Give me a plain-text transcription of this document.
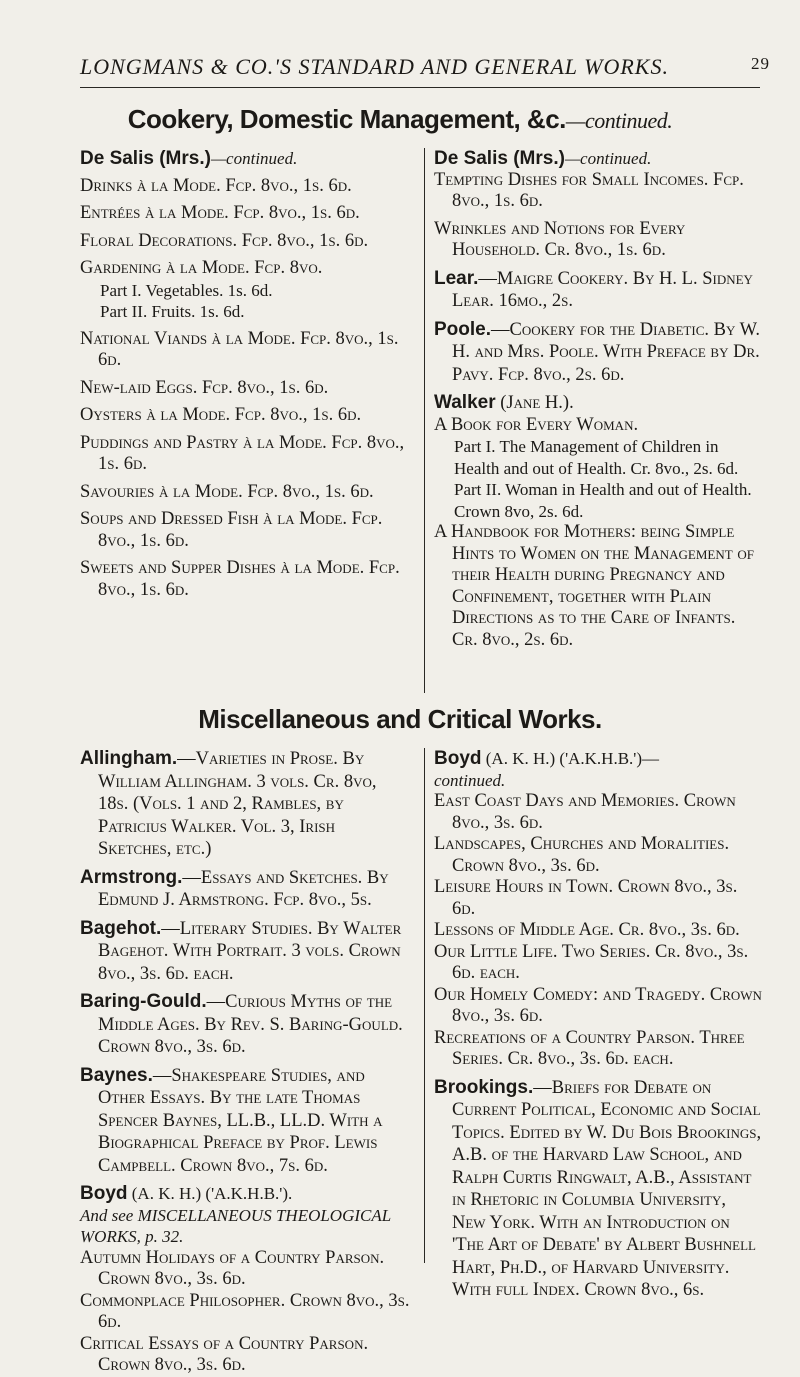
LONGMANS & CO.'S STANDARD AND GENERAL WORKS.	29
Cookery, Domestic Management, &c.—continued.
De Salis (Mrs.)—continued.
Drinks à la Mode. Fcp. 8vo., 1s. 6d.
Entrées à la Mode. Fcp. 8vo., 1s. 6d.
Floral Decorations. Fcp. 8vo., 1s. 6d.
Gardening à la Mode. Fcp. 8vo.
Part I. Vegetables. 1s. 6d.
Part II. Fruits. 1s. 6d.
National Viands à la Mode. Fcp. 8vo., 1s. 6d.
New-laid Eggs. Fcp. 8vo., 1s. 6d.
Oysters à la Mode. Fcp. 8vo., 1s. 6d.
Puddings and Pastry à la Mode. Fcp. 8vo., 1s. 6d.
Savouries à la Mode. Fcp. 8vo., 1s. 6d.
Soups and Dressed Fish à la Mode. Fcp. 8vo., 1s. 6d.
Sweets and Supper Dishes à la Mode. Fcp. 8vo., 1s. 6d.
De Salis (Mrs.)—continued.
Tempting Dishes for Small Incomes. Fcp. 8vo., 1s. 6d.
Wrinkles and Notions for Every Household. Cr. 8vo., 1s. 6d.
Lear.—Maigre Cookery. By H. L. Sidney Lear. 16mo., 2s.
Poole.—Cookery for the Diabetic. By W. H. and Mrs. Poole. With Preface by Dr. Pavy. Fcp. 8vo., 2s. 6d.
Walker (Jane H.).
A Book for Every Woman.
Part I. The Management of Children in Health and out of Health. Cr. 8vo., 2s. 6d.
Part II. Woman in Health and out of Health. Crown 8vo, 2s. 6d.
A Handbook for Mothers: being Simple Hints to Women on the Management of their Health during Pregnancy and Confinement, together with Plain Directions as to the Care of Infants. Cr. 8vo., 2s. 6d.
Miscellaneous and Critical Works.
Allingham.—Varieties in Prose. By William Allingham. 3 vols. Cr. 8vo, 18s. (Vols. 1 and 2, Rambles, by Patricius Walker. Vol. 3, Irish Sketches, etc.)
Armstrong.—Essays and Sketches. By Edmund J. Armstrong. Fcp. 8vo., 5s.
Bagehot.—Literary Studies. By Walter Bagehot. With Portrait. 3 vols. Crown 8vo., 3s. 6d. each.
Baring-Gould.—Curious Myths of the Middle Ages. By Rev. S. Baring-Gould. Crown 8vo., 3s. 6d.
Baynes.—Shakespeare Studies, and Other Essays. By the late Thomas Spencer Baynes, LL.B., LL.D. With a Biographical Preface by Prof. Lewis Campbell. Crown 8vo., 7s. 6d.
Boyd (A. K. H.) ('A.K.H.B.').
And see MISCELLANEOUS THEOLOGICAL WORKS, p. 32.
Autumn Holidays of a Country Parson. Crown 8vo., 3s. 6d.
Commonplace Philosopher. Crown 8vo., 3s. 6d.
Critical Essays of a Country Parson. Crown 8vo., 3s. 6d.
Boyd (A. K. H.) ('A.K.H.B.')—
continued.
East Coast Days and Memories. Crown 8vo., 3s. 6d.
Landscapes, Churches and Moralities. Crown 8vo., 3s. 6d.
Leisure Hours in Town. Crown 8vo., 3s. 6d.
Lessons of Middle Age. Cr. 8vo., 3s. 6d.
Our Little Life. Two Series. Cr. 8vo., 3s. 6d. each.
Our Homely Comedy: and Tragedy. Crown 8vo., 3s. 6d.
Recreations of a Country Parson. Three Series. Cr. 8vo., 3s. 6d. each.
Brookings.—Briefs for Debate on Current Political, Economic and Social Topics. Edited by W. Du Bois Brookings, A.B. of the Harvard Law School, and Ralph Curtis Ringwalt, A.B., Assistant in Rhetoric in Columbia University, New York. With an Introduction on 'The Art of Debate' by Albert Bushnell Hart, Ph.D., of Harvard University. With full Index. Crown 8vo., 6s.
